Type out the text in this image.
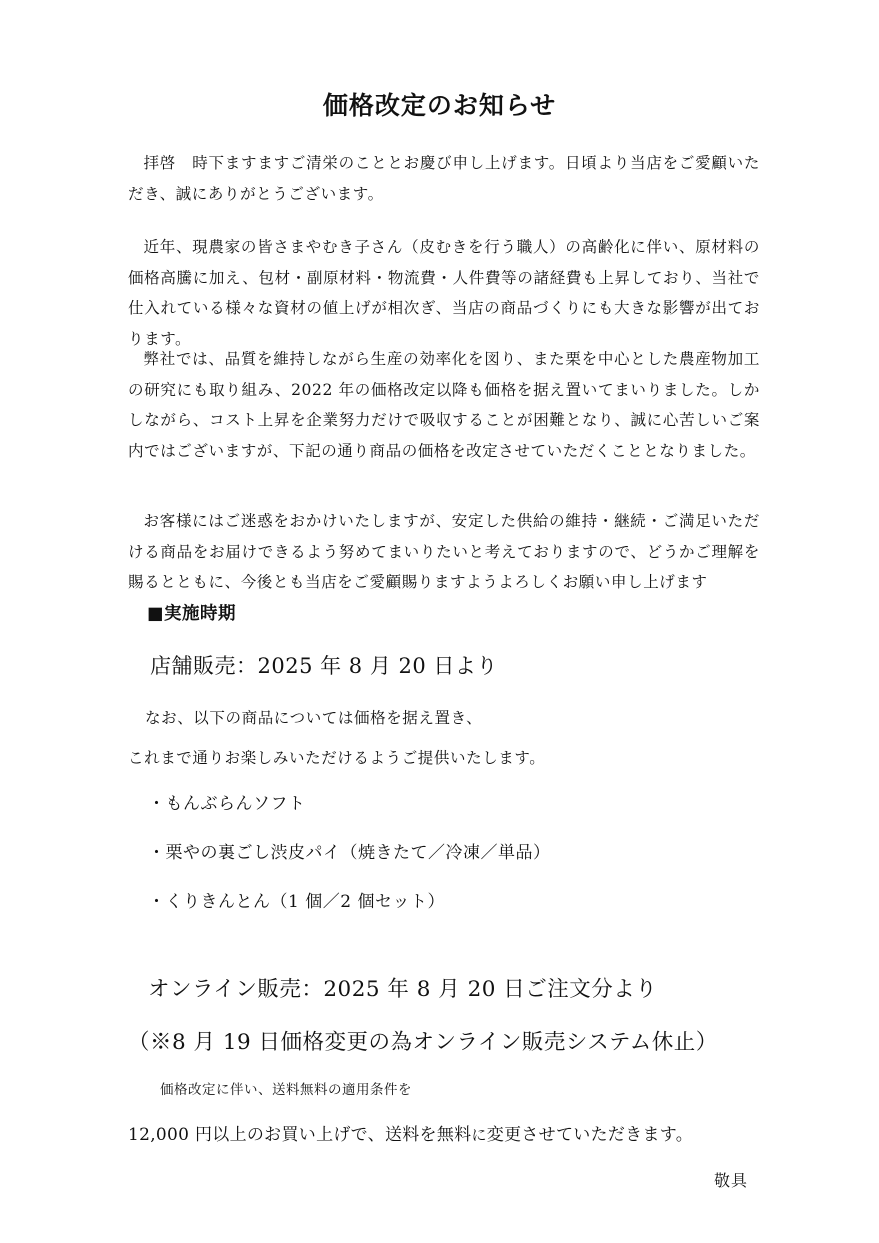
価格改定のお知らせ

拝啓　時下ますますご清栄のこととお慶び申し上げます。日頃より当店をご愛顧いただき、誠にありがとうございます。

近年、現農家の皆さまやむき子さん（皮むきを行う職人）の高齢化に伴い、原材料の価格高騰に加え、包材・副原材料・物流費・人件費等の諸経費も上昇しており、当社で仕入れている様々な資材の値上げが相次ぎ、当店の商品づくりにも大きな影響が出ております。

弊社では、品質を維持しながら生産の効率化を図り、また栗を中心とした農産物加工の研究にも取り組み、2022 年の価格改定以降も価格を据え置いてまいりました。しかしながら、コスト上昇を企業努力だけで吸収することが困難となり、誠に心苦しいご案内ではございますが、下記の通り商品の価格を改定させていただくこととなりました。

お客様にはご迷惑をおかけいたしますが、安定した供給の維持・継続・ご満足いただける商品をお届けできるよう努めてまいりたいと考えておりますので、どうかご理解を賜るとともに、今後とも当店をご愛顧賜りますようよろしくお願い申し上げます

■実施時期

店舗販売：2025 年 8 月 20 日より

なお、以下の商品については価格を据え置き、

これまで通りお楽しみいただけるようご提供いたします。

・もんぶらんソフト
・栗やの裏ごし渋皮パイ（焼きたて／冷凍／単品）
・くりきんとん（1 個／2 個セット）

オンライン販売：2025 年 8 月 20 日ご注文分より

（※8 月 19 日価格変更の為オンライン販売システム休止）

価格改定に伴い、送料無料の適用条件を

12,000 円以上のお買い上げで、送料を無料に変更させていただきます。

敬具
